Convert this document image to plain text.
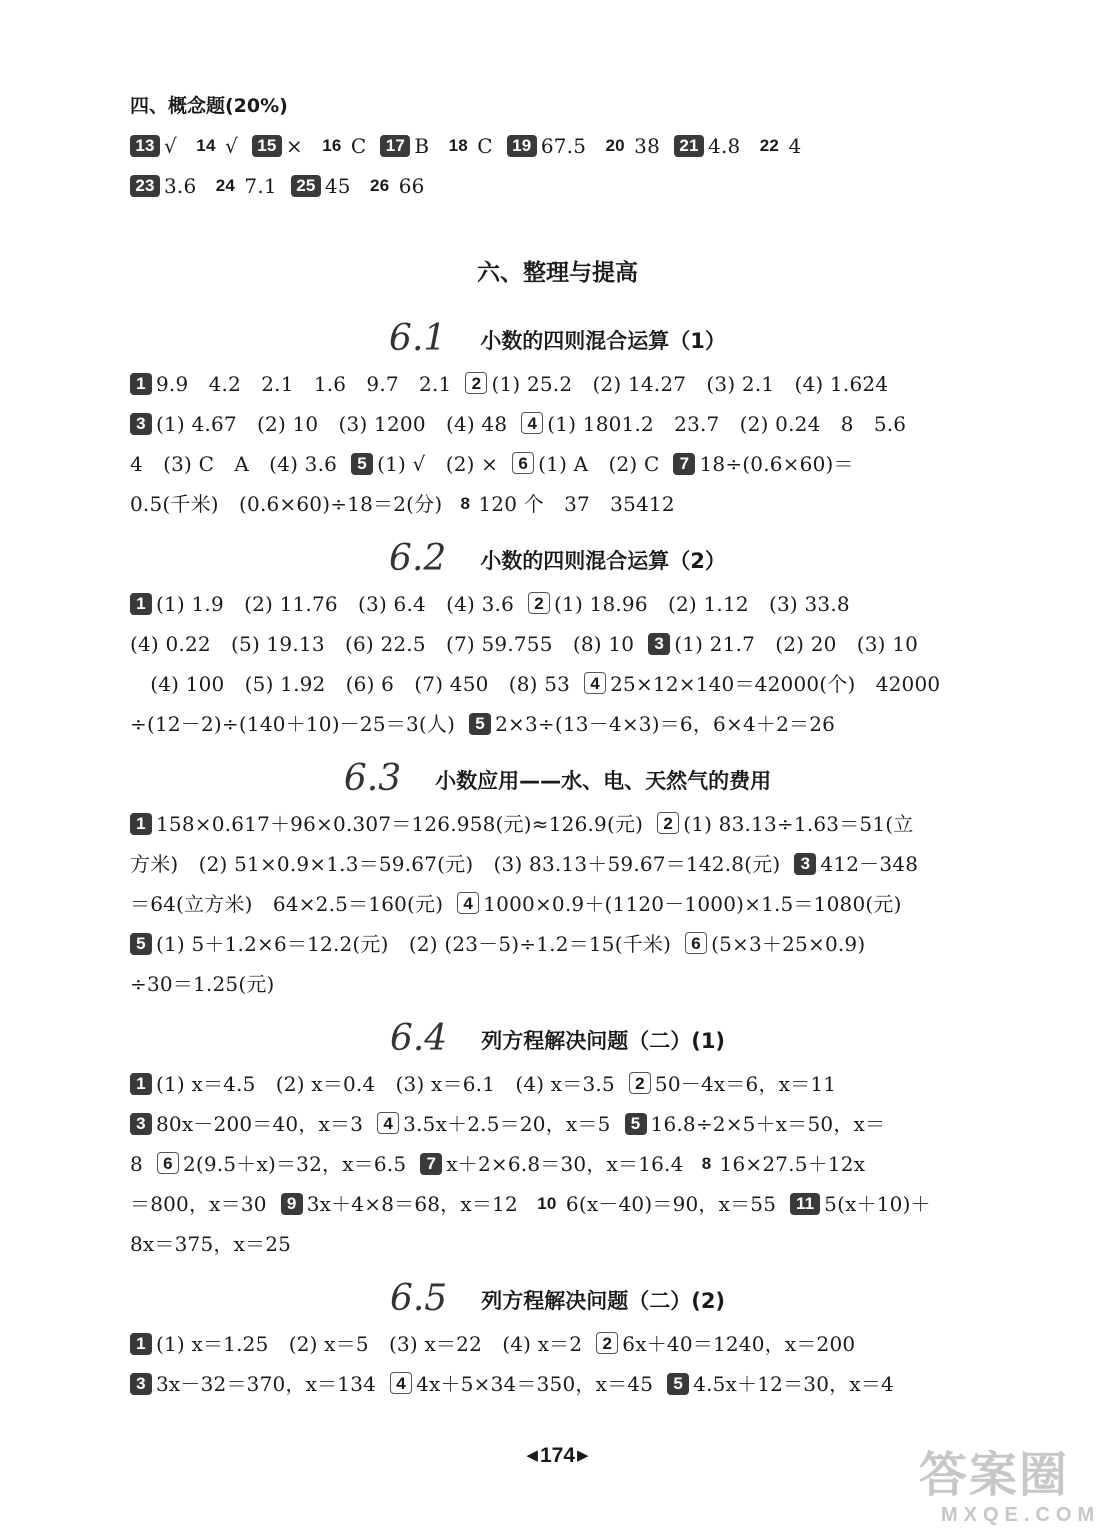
四、概念题(20%)
13 √ 14 √ 15 × 16 C 17 B 18 C 19 67.5 20 38 21 4.8 22 4
23 3.6 24 7.1 25 45 26 66
六、整理与提高
6.1 小数的四则混合运算（1）
1 9.9　4.2　2.1　1.6　9.7　2.1 2 (1) 25.2　(2) 14.27　(3) 2.1　(4) 1.62̇4̇
3 (1) 4.67　(2) 10　(3) 1200　(4) 48 4 (1) 1801.2　23.7　(2) 0.24　8　5.6
4　(3) C　A　(4) 3.6 5 (1) √　(2) × 6 (1) A　(2) C 7 18÷(0.6×60)＝
0.5(千米)　(0.6×60)÷18＝2(分) 8 120 个　37　35412
6.2 小数的四则混合运算（2）
1 (1) 1.9　(2) 11.76　(3) 6.4　(4) 3.6 2 (1) 18.96　(2) 1.12　(3) 33.8
(4) 0.22　(5) 19.13　(6) 22.5　(7) 59.755　(8) 10 3 (1) 21.7　(2) 20　(3) 10
　(4) 100　(5) 1.92　(6) 6　(7) 450　(8) 53 4 25×12×140＝42000(个)　42000
÷(12－2)÷(140＋10)－25＝3(人) 5 2×3÷(13－4×3)＝6，6×4＋2＝26
6.3 小数应用——水、电、天然气的费用
1 158×0.617＋96×0.307＝126.958(元)≈126.9(元) 2 (1) 83.13÷1.63＝51(立
方米)　(2) 51×0.9×1.3＝59.67(元)　(3) 83.13＋59.67＝142.8(元) 3 412－348
＝64(立方米)　64×2.5＝160(元) 4 1000×0.9＋(1120－1000)×1.5＝1080(元)
5 (1) 5＋1.2×6＝12.2(元)　(2) (23－5)÷1.2＝15(千米) 6 (5×3＋25×0.9)
÷30＝1.25(元)
6.4 列方程解决问题（二）(1)
1 (1) x＝4.5　(2) x＝0.4　(3) x＝6.1　(4) x＝3.5 2 50－4x＝6，x＝11
3 80x－200＝40，x＝3 4 3.5x＋2.5＝20，x＝5 5 16.8÷2×5＋x＝50，x＝
8 6 2(9.5＋x)＝32，x＝6.5 7 x＋2×6.8＝30，x＝16.4 8 16×27.5＋12x
＝800，x＝30 9 3x＋4×8＝68，x＝12 10 6(x－40)＝90，x＝55 11 5(x＋10)＋
8x＝375，x＝25
6.5 列方程解决问题（二）(2)
1 (1) x＝1.25　(2) x＝5　(3) x＝22　(4) x＝2 2 6x＋40＝1240，x＝200
3 3x－32＝370，x＝134 4 4x＋5×34＝350，x＝45 5 4.5x＋12＝30，x＝4
◀174 ▶	答案圈
MXQE.COM
